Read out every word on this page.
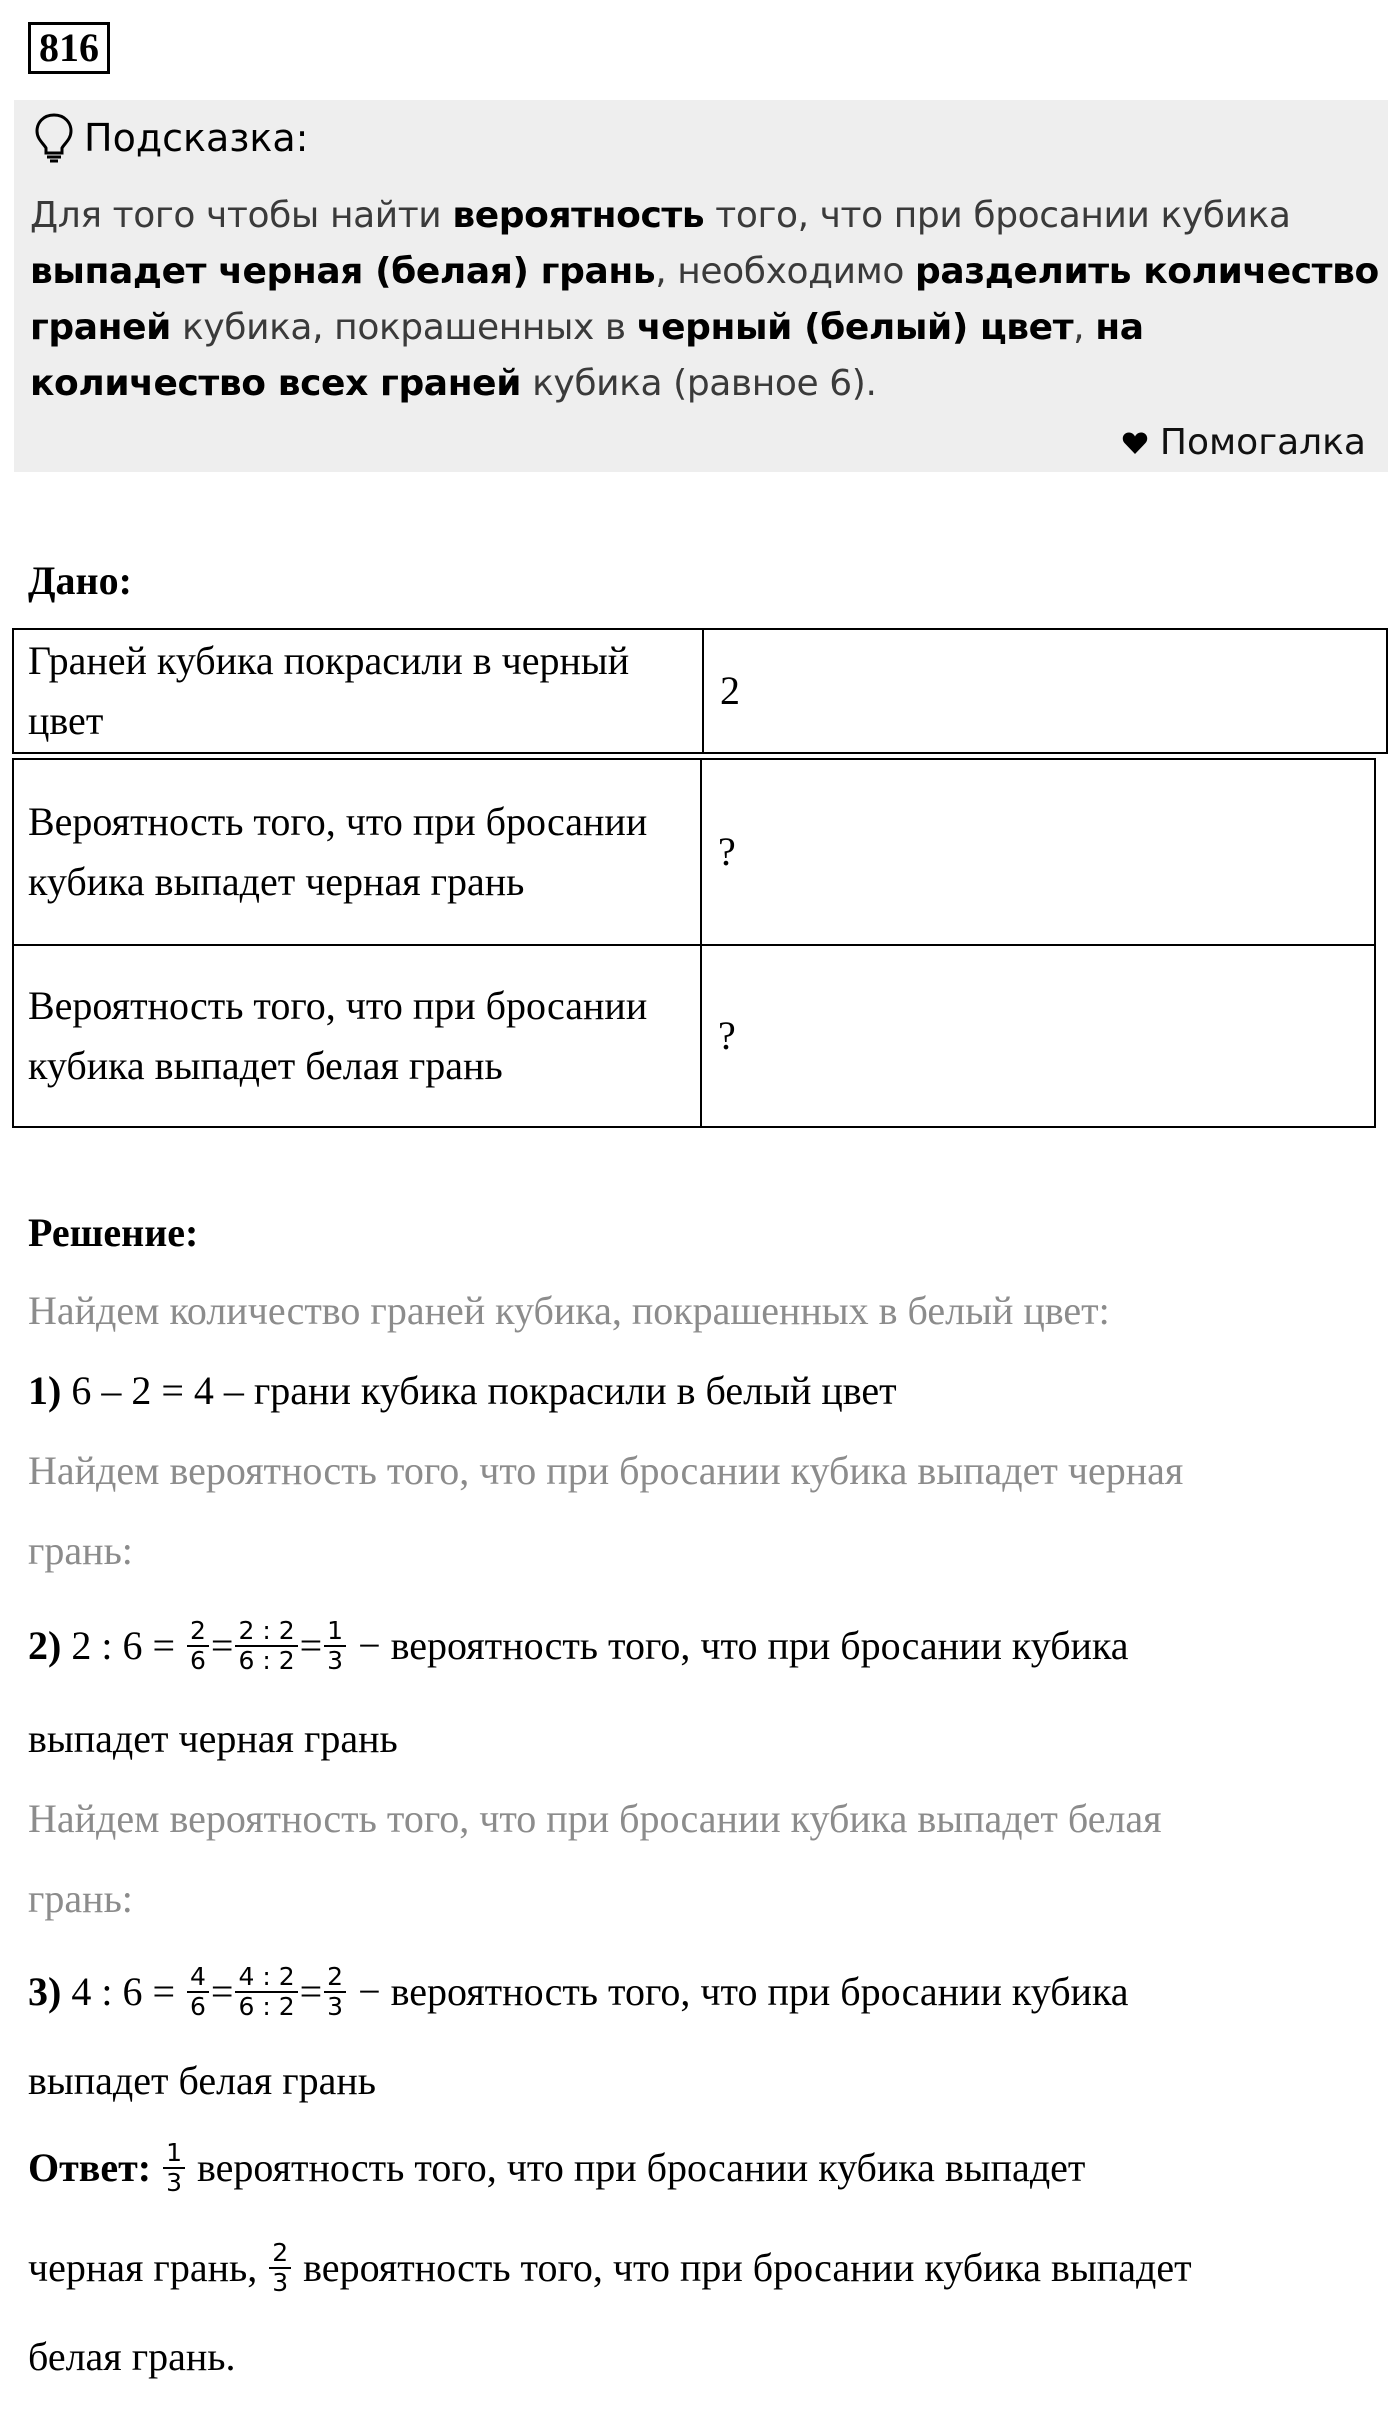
816
Подсказка:
Для того чтобы найти вероятность того, что при бросании кубика выпадет черная (белая) грань, необходимо разделить количество граней кубика, покрашенных в черный (белый) цвет, на количество всех граней кубика (равное 6).
Помогалка
Дано:
Граней кубика покрасили в черный цвет
2
Вероятность того, что при бросании кубика выпадет черная грань
?
Вероятность того, что при бросании кубика выпадет белая грань
?
Решение:
Найдем количество граней кубика, покрашенных в белый цвет:
1) 6 – 2 = 4 – грани кубика покрасили в белый цвет
Найдем вероятность того, что при бросании кубика выпадет черная
грань:
2) 2 : $6 = \frac{2}{6} = \frac{2 : 2}{6 : 2} = \frac{1}{3}$ − вероятность того, что при бросании кубика
выпадет черная грань
Найдем вероятность того, что при бросании кубика выпадет белая
грань:
3) 4 : $6 = \frac{4}{6} = \frac{4 : 2}{6 : 2} = \frac{2}{3}$ − вероятность того, что при бросании кубика
выпадет белая грань
Ответ: $\frac{1}{3}$ вероятность того, что при бросании кубика выпадет
черная грань, $\frac{2}{3}$ вероятность того, что при бросании кубика выпадет
белая грань.
